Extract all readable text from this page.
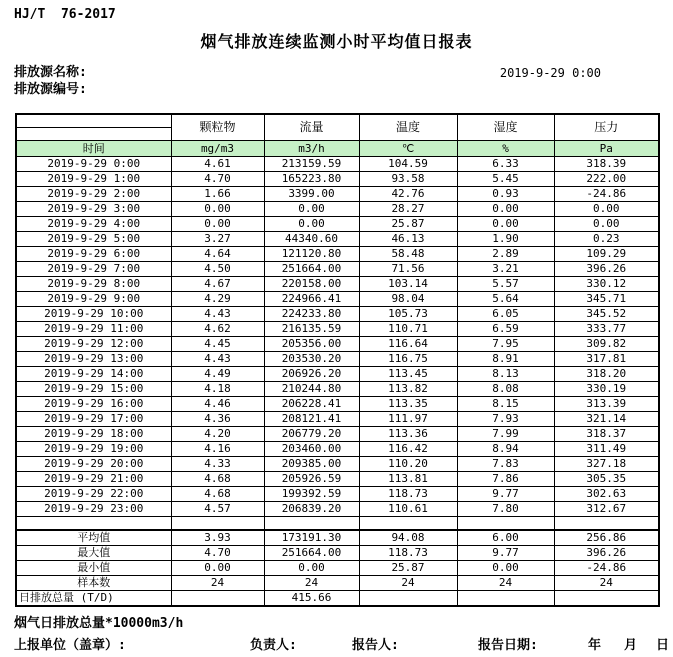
HJ/T  76-2017
烟气排放连续监测小时平均值日报表
排放源名称:
排放源编号:
2019-9-29 0:00
	颗粒物	流量	温度	湿度	压力

时间	mg/m3	m3/h	℃	%	Pa
2019-9-29 0:00	4.61	213159.59	104.59	6.33	318.39
2019-9-29 1:00	4.70	165223.80	93.58	5.45	222.00
2019-9-29 2:00	1.66	3399.00	42.76	0.93	-24.86
2019-9-29 3:00	0.00	0.00	28.27	0.00	0.00
2019-9-29 4:00	0.00	0.00	25.87	0.00	0.00
2019-9-29 5:00	3.27	44340.60	46.13	1.90	0.23
2019-9-29 6:00	4.64	121120.80	58.48	2.89	109.29
2019-9-29 7:00	4.50	251664.00	71.56	3.21	396.26
2019-9-29 8:00	4.67	220158.00	103.14	5.57	330.12
2019-9-29 9:00	4.29	224966.41	98.04	5.64	345.71
2019-9-29 10:00	4.43	224233.80	105.73	6.05	345.52
2019-9-29 11:00	4.62	216135.59	110.71	6.59	333.77
2019-9-29 12:00	4.45	205356.00	116.64	7.95	309.82
2019-9-29 13:00	4.43	203530.20	116.75	8.91	317.81
2019-9-29 14:00	4.49	206926.20	113.45	8.13	318.20
2019-9-29 15:00	4.18	210244.80	113.82	8.08	330.19
2019-9-29 16:00	4.46	206228.41	113.35	8.15	313.39
2019-9-29 17:00	4.36	208121.41	111.97	7.93	321.14
2019-9-29 18:00	4.20	206779.20	113.36	7.99	318.37
2019-9-29 19:00	4.16	203460.00	116.42	8.94	311.49
2019-9-29 20:00	4.33	209385.00	110.20	7.83	327.18
2019-9-29 21:00	4.68	205926.59	113.81	7.86	305.35
2019-9-29 22:00	4.68	199392.59	118.73	9.77	302.63
2019-9-29 23:00	4.57	206839.20	110.61	7.80	312.67

平均值	3.93	173191.30	94.08	6.00	256.86
最大值	4.70	251664.00	118.73	9.77	396.26
最小值	0.00	0.00	25.87	0.00	-24.86
样本数	24	24	24	24	24
日排放总量 (T/D)		415.66			
烟气日排放总量*10000m3/h
上报单位（盖章）:	负责人:	报告人:	报告日期:	年 月 日
